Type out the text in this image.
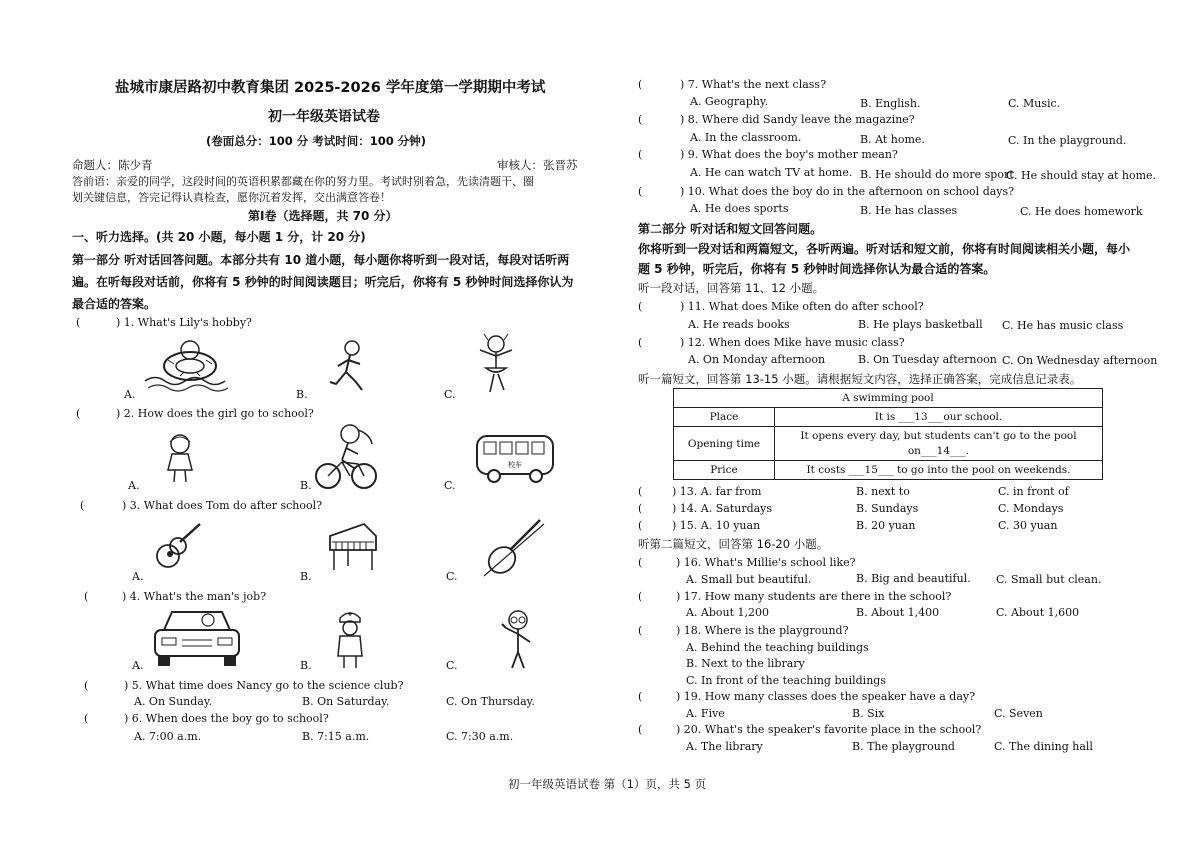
盐城市康居路初中教育集团 2025-2026 学年度第一学期期中考试
初一年级英语试卷
(卷面总分：100 分 考试时间：100 分钟)
命题人：陈少青	审核人：张晋苏
答前语：亲爱的同学，这段时间的英语积累都藏在你的努力里。考试时别着急，先读清题干、圈
划关键信息，答完记得认真检查，愿你沉着发挥，交出满意答卷！
第Ⅰ卷（选择题，共 70 分）
一、听力选择。(共 20 小题，每小题 1 分，计 20 分)
第一部分 听对话回答问题。本部分共有 10 道小题，每小题你将听到一段对话，每段对话听两
遍。在听每段对话前，你将有 5 秒钟的时间阅读题目；听完后，你将有 5 秒钟时间选择你认为
最合适的答案。
(	) 1. What's Lily's hobby?
A.	B.	C.
(	) 2. How does the girl go to school?
A.	B.
校车
C.
(	) 3. What does Tom do after school?
A.	B.	C.
(	) 4. What's the man's job?
A.	B.	C.
(	) 5. What time does Nancy go to the science club?
A. On Sunday.	B. On Saturday.	C. On Thursday.
(	) 6. When does the boy go to school?
A. 7:00 a.m.	B. 7:15 a.m.	C. 7:30 a.m.
(	) 7. What's the next class?
A. Geography.	B. English.	C. Music.
(	) 8. Where did Sandy leave the magazine?
A. In the classroom.	B. At home.	C. In the playground.
(	) 9. What does the boy's mother mean?
A. He can watch TV at home. B. He should do more sport
C. He should stay at home.
(	) 10. What does the boy do in the afternoon on school days?
A. He does sports	B. He has classes	C. He does homework
第二部分 听对话和短文回答问题。
你将听到一段对话和两篇短文，各听两遍。听对话和短文前，你将有时间阅读相关小题，每小
题 5 秒钟，听完后，你将有 5 秒钟时间选择你认为最合适的答案。
听一段对话，回答第 11、12 小题。
(	) 11. What does Mike often do after school?
A. He reads books	B. He plays basketball C. He has music class
(	) 12. When does Mike have music class?
A. On Monday afternoon	B. On Tuesday afternoon C. On Wednesday afternoon
听一篇短文，回答第 13-15 小题。请根据短文内容，选择正确答案，完成信息记录表。
A swimming pool	
Place	It is ___13___our school.
Opening time	It opens every day, but students can't go to the pool
on___14___.

Price	It costs ___15___ to go into the pool on weekends.
(	) 13. A. far from	B. next to	C. in front of
(	) 14. A. Saturdays	B. Sundays	C. Mondays
(	) 15. A. 10 yuan	B. 20 yuan	C. 30 yuan
听第二篇短文，回答第 16-20 小题。
(	) 16. What's Millie's school like?
A. Small but beautiful.	B. Big and beautiful. C. Small but clean.
(	) 17. How many students are there in the school?
A. About 1,200	B. About 1,400	C. About 1,600
(	) 18. Where is the playground?
A. Behind the teaching buildings
B. Next to the library
C. In front of the teaching buildings
(	) 19. How many classes does the speaker have a day?
A. Five	B. Six	C. Seven
(	) 20. What's the speaker's favorite place in the school?
A. The library	B. The playground	C. The dining hall
初一年级英语试卷 第（1）页，共 5 页
